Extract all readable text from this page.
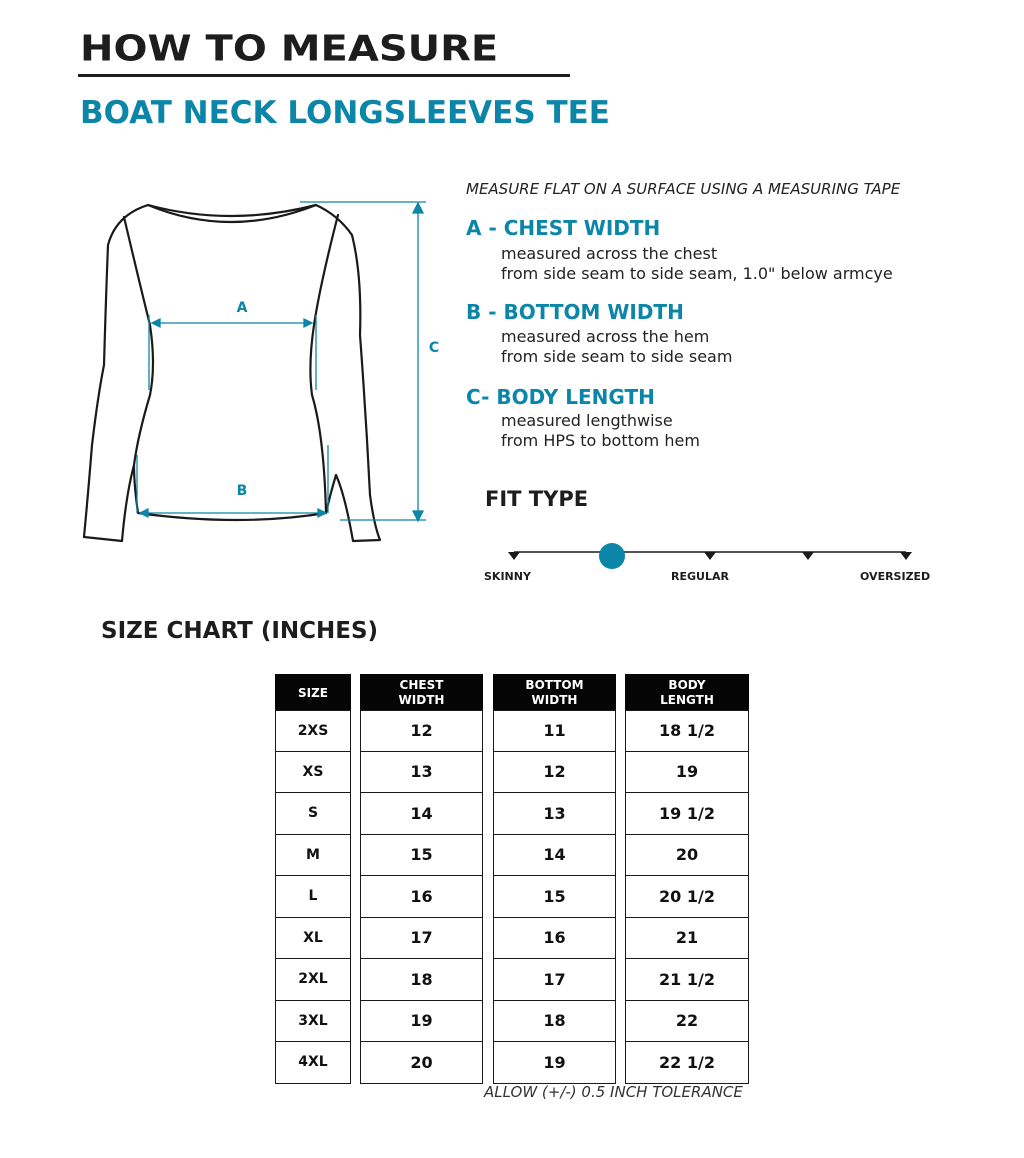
HOW TO MEASURE
BOAT NECK LONGSLEEVES TEE
A
B
C
MEASURE FLAT ON A SURFACE USING A MEASURING TAPE
A - CHEST WIDTH
measured across the chest
from side seam to side seam, 1.0" below armcye
B - BOTTOM WIDTH
measured across the hem
from side seam to side seam
C- BODY LENGTH
measured lengthwise
from HPS to bottom hem
FIT TYPE
SKINNY	REGULAR	OVERSIZED
SIZE CHART (INCHES)
SIZE
2XS
XS
S
M
L
XL
2XL
3XL
4XL
CHEST
WIDTH
12
13
14
15
16
17
18
19
20
BOTTOM
WIDTH
11
12
13
14
15
16
17
18
19
BODY
LENGTH
18 1/2
19
19 1/2
20
20 1/2
21
21 1/2
22
22 1/2
ALLOW (+/-) 0.5 INCH TOLERANCE
